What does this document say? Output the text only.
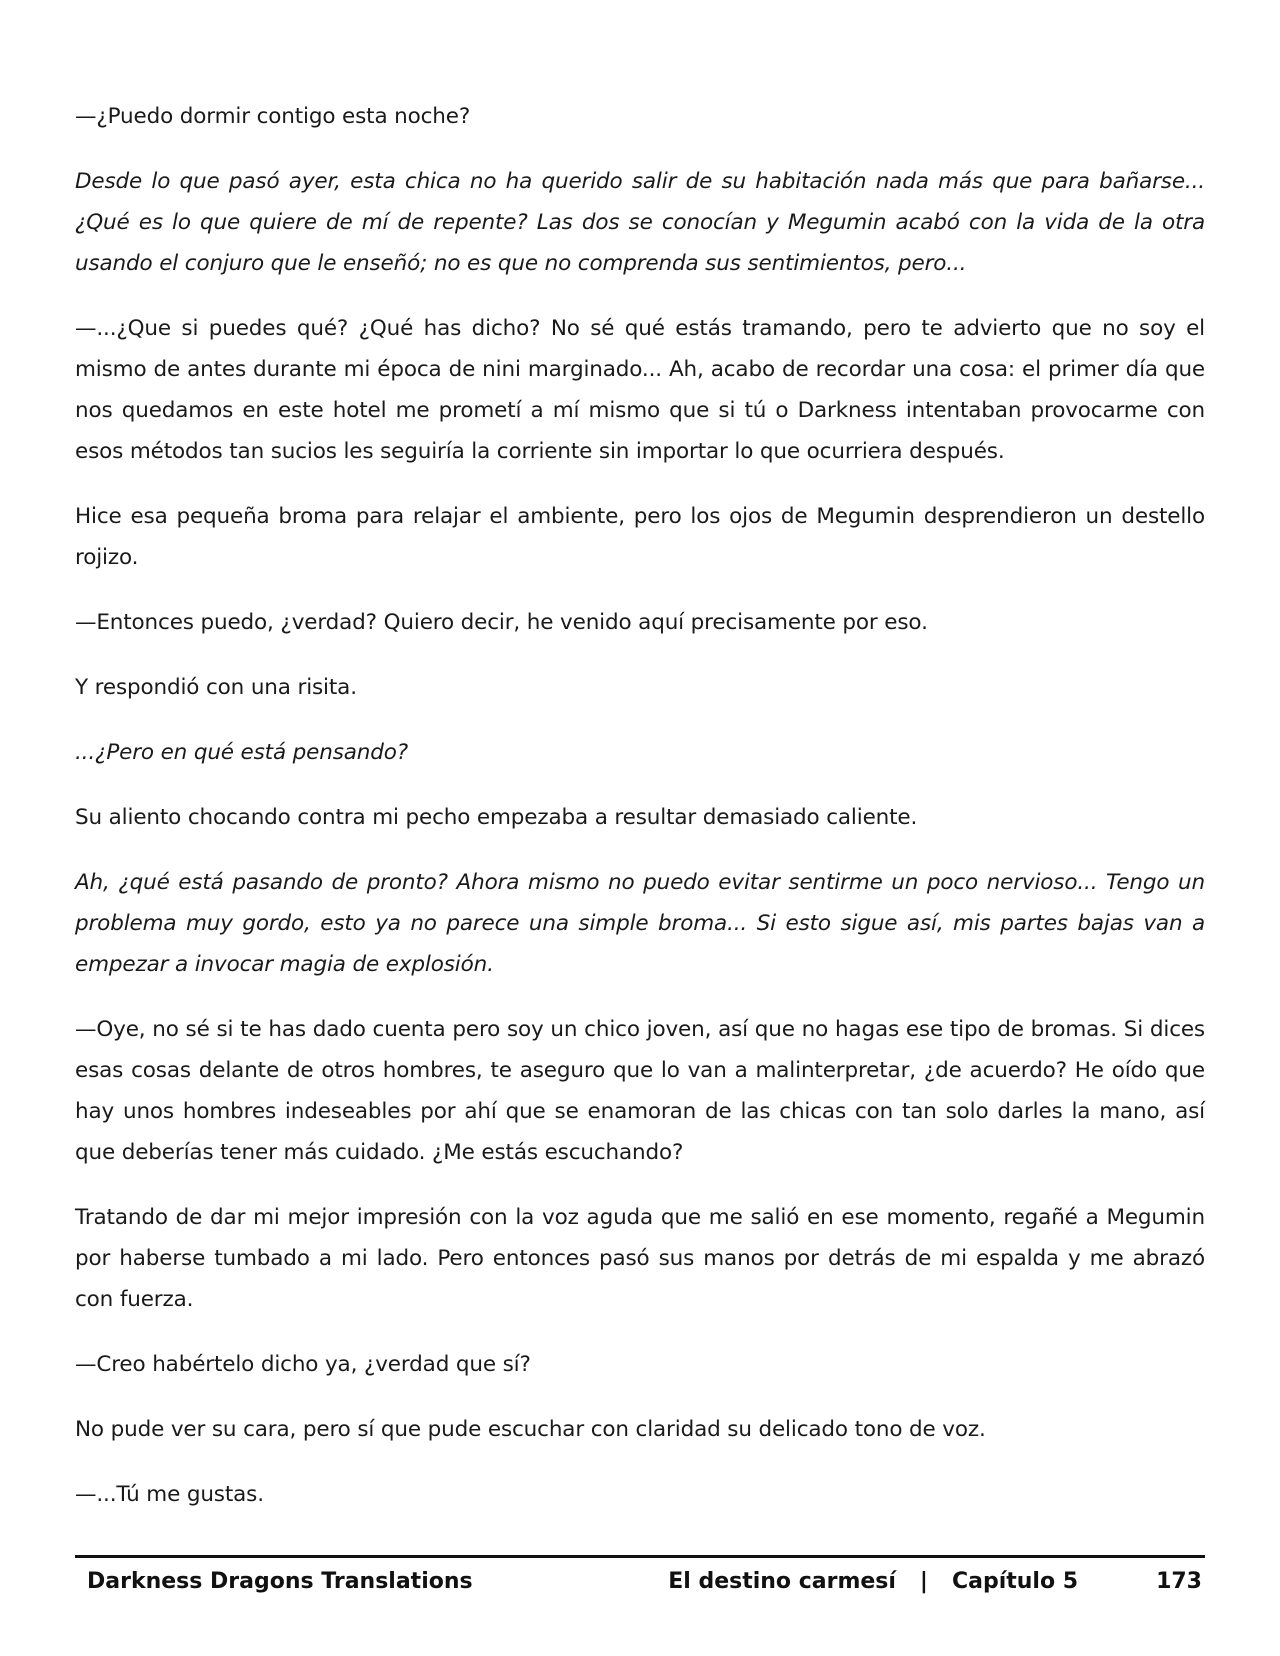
—¿Puedo dormir contigo esta noche?

Desde lo que pasó ayer, esta chica no ha querido salir de su habitación nada más que para bañarse... ¿Qué es lo que quiere de mí de repente? Las dos se conocían y Megumin acabó con la vida de la otra usando el conjuro que le enseñó; no es que no comprenda sus sentimientos, pero...

—...¿Que si puedes qué? ¿Qué has dicho? No sé qué estás tramando, pero te advierto que no soy el mismo de antes durante mi época de nini marginado... Ah, acabo de recordar una cosa: el primer día que nos quedamos en este hotel me prometí a mí mismo que si tú o Darkness intentaban provocarme con esos métodos tan sucios les seguiría la corriente sin importar lo que ocurriera después.

Hice esa pequeña broma para relajar el ambiente, pero los ojos de Megumin desprendieron un destello rojizo.

—Entonces puedo, ¿verdad? Quiero decir, he venido aquí precisamente por eso.

Y respondió con una risita.

...¿Pero en qué está pensando?

Su aliento chocando contra mi pecho empezaba a resultar demasiado caliente.

Ah, ¿qué está pasando de pronto? Ahora mismo no puedo evitar sentirme un poco nervioso... Tengo un problema muy gordo, esto ya no parece una simple broma... Si esto sigue así, mis partes bajas van a empezar a invocar magia de explosión.

—Oye, no sé si te has dado cuenta pero soy un chico joven, así que no hagas ese tipo de bromas. Si dices esas cosas delante de otros hombres, te aseguro que lo van a malinterpretar, ¿de acuerdo? He oído que hay unos hombres indeseables por ahí que se enamoran de las chicas con tan solo darles la mano, así que deberías tener más cuidado. ¿Me estás escuchando?

Tratando de dar mi mejor impresión con la voz aguda que me salió en ese momento, regañé a Megumin por haberse tumbado a mi lado. Pero entonces pasó sus manos por detrás de mi espalda y me abrazó con fuerza.

—Creo habértelo dicho ya, ¿verdad que sí?

No pude ver su cara, pero sí que pude escuchar con claridad su delicado tono de voz.

—...Tú me gustas.

Darkness Dragons Translations	El destino carmesí | Capítulo 5	173
